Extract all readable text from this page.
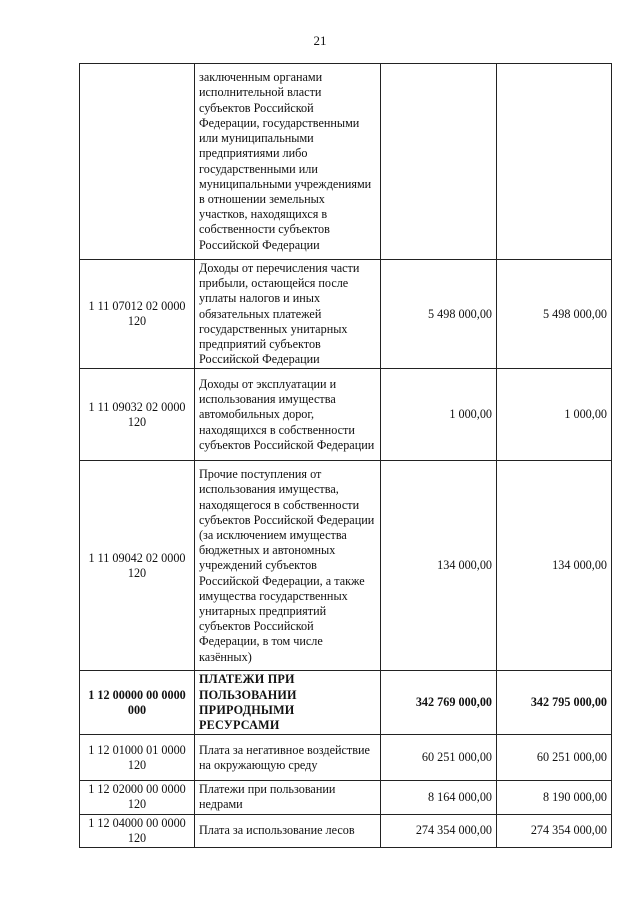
21
	заключенным органами исполнительной власти субъектов Российской Федерации, государственными или муниципальными предприятиями либо государственными или муниципальными учреждениями в отношении земельных участков, находящихся в собственности субъектов Российской Федерации		
1 11 07012 02 0000 120	Доходы от перечисления части прибыли, остающейся после уплаты налогов и иных обязательных платежей государственных унитарных предприятий субъектов Российской Федерации	5 498 000,00	5 498 000,00
1 11 09032 02 0000 120	Доходы от эксплуатации и использования имущества автомобильных дорог, находящихся в собственности субъектов Российской Федерации	1 000,00	1 000,00
1 11 09042 02 0000 120	Прочие поступления от использования имущества, находящегося в собственности субъектов Российской Федерации (за исключением имущества бюджетных и автономных учреждений субъектов Российской Федерации, а также имущества государственных унитарных предприятий субъектов Российской Федерации, в том числе казённых)	134 000,00	134 000,00
1 12 00000 00 0000 000	ПЛАТЕЖИ ПРИ ПОЛЬЗОВАНИИ ПРИРОДНЫМИ РЕСУРСАМИ	342 769 000,00	342 795 000,00
1 12 01000 01 0000 120	Плата за негативное воздействие на окружающую среду	60 251 000,00	60 251 000,00
1 12 02000 00 0000 120	Платежи при пользовании недрами	8 164 000,00	8 190 000,00
1 12 04000 00 0000 120	Плата за использование лесов	274 354 000,00	274 354 000,00
